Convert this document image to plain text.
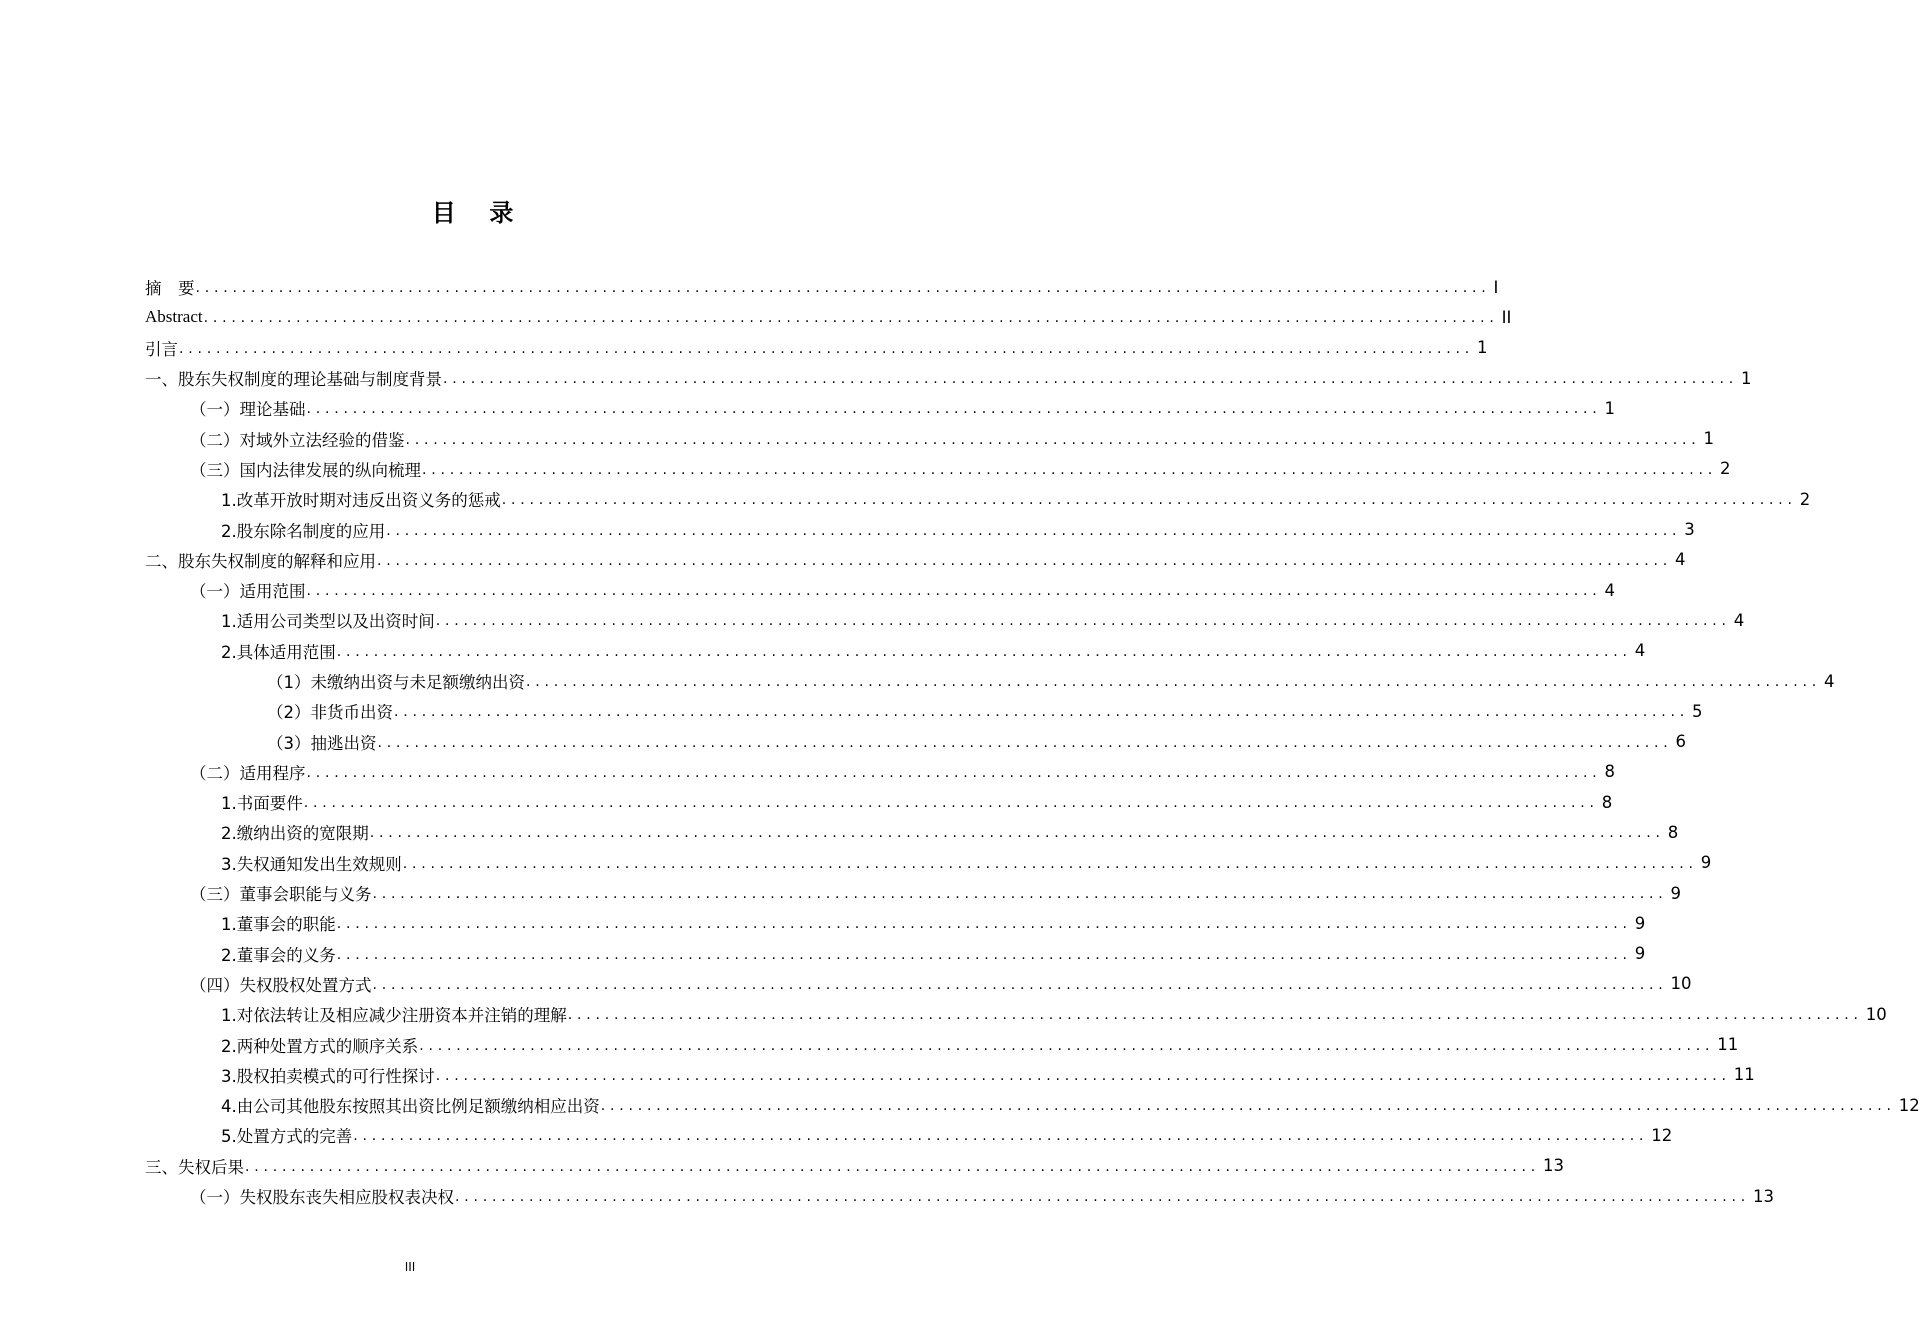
目　录
摘　要 ............................................................................................................................................ I
Abstract ............................................................................................................................................ II
引言 ............................................................................................................................................ 1
一、股东失权制度的理论基础与制度背景 ............................................................................................................................................ 1
（一）理论基础 ............................................................................................................................................ 1
（二）对域外立法经验的借鉴 ............................................................................................................................................ 1
（三）国内法律发展的纵向梳理 ............................................................................................................................................ 2
1.改革开放时期对违反出资义务的惩戒 ............................................................................................................................................ 2
2.股东除名制度的应用 ............................................................................................................................................ 3
二、股东失权制度的解释和应用 ............................................................................................................................................ 4
（一）适用范围 ............................................................................................................................................ 4
1.适用公司类型以及出资时间 ............................................................................................................................................ 4
2.具体适用范围 ............................................................................................................................................ 4
（1）未缴纳出资与未足额缴纳出资 ............................................................................................................................................ 4
（2）非货币出资 ............................................................................................................................................ 5
（3）抽逃出资 ............................................................................................................................................ 6
（二）适用程序 ............................................................................................................................................ 8
1.书面要件 ............................................................................................................................................ 8
2.缴纳出资的宽限期 ............................................................................................................................................ 8
3.失权通知发出生效规则 ............................................................................................................................................ 9
（三）董事会职能与义务 ............................................................................................................................................ 9
1.董事会的职能 ............................................................................................................................................ 9
2.董事会的义务 ............................................................................................................................................ 9
（四）失权股权处置方式 ............................................................................................................................................ 10
1.对依法转让及相应减少注册资本并注销的理解 ............................................................................................................................................ 10
2.两种处置方式的顺序关系 ............................................................................................................................................ 11
3.股权拍卖模式的可行性探讨 ............................................................................................................................................ 11
4.由公司其他股东按照其出资比例足额缴纳相应出资 ............................................................................................................................................ 12
5.处置方式的完善 ............................................................................................................................................ 12
三、失权后果 ............................................................................................................................................ 13
（一）失权股东丧失相应股权表决权 ............................................................................................................................................ 13
III
